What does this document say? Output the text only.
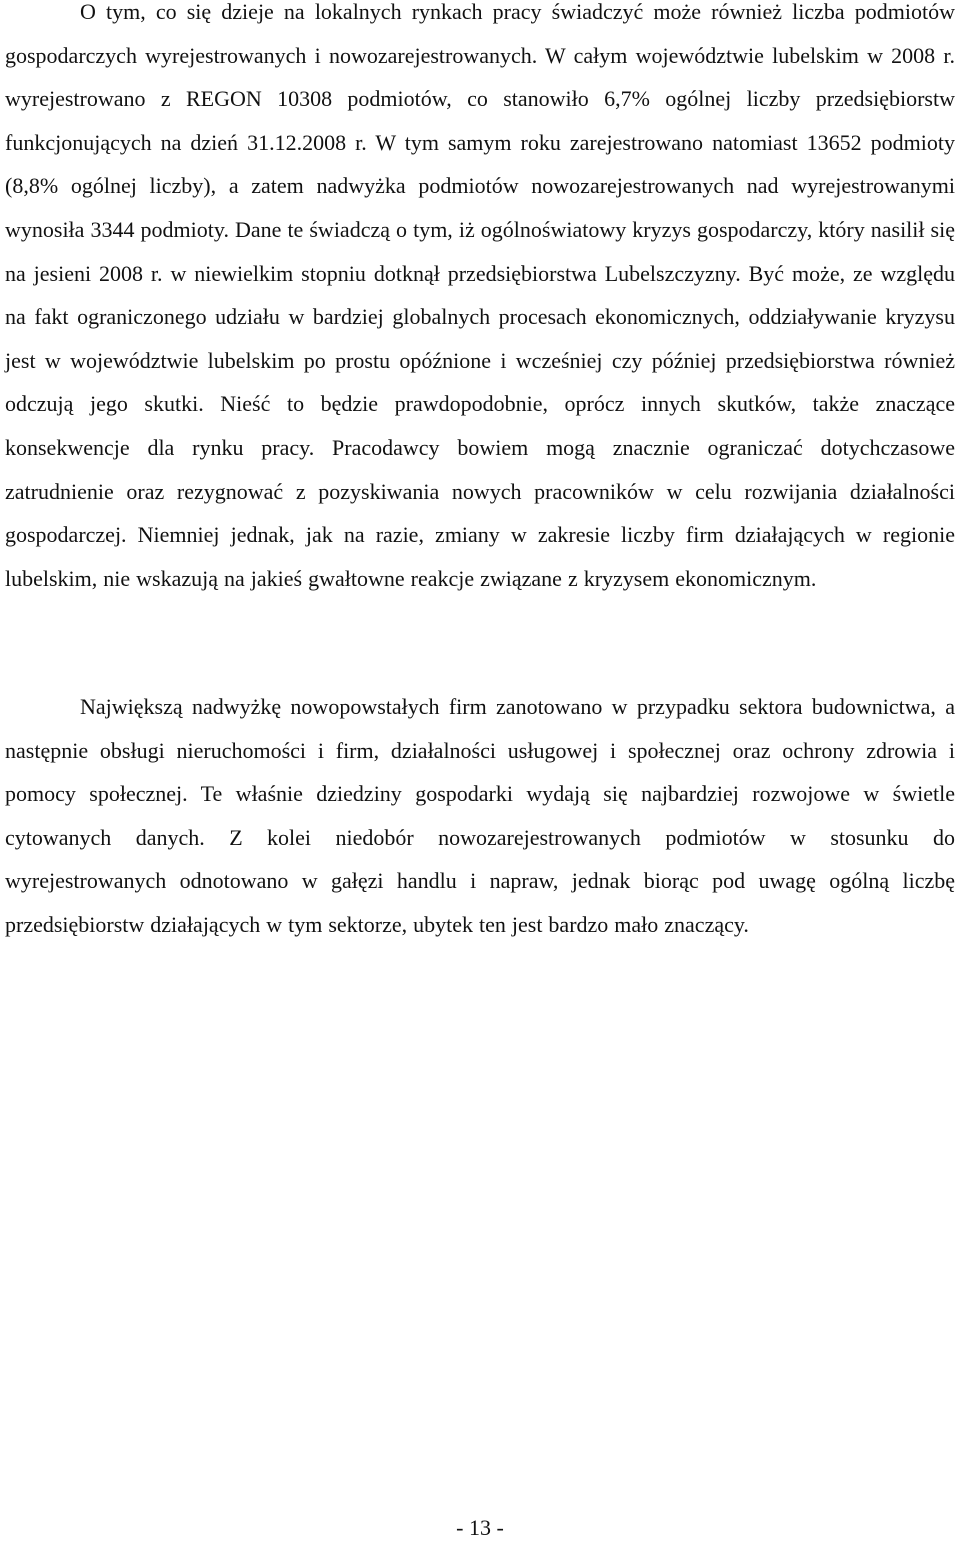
O tym, co się dzieje na lokalnych rynkach pracy świadczyć może również liczba podmiotów gospodarczych wyrejestrowanych i nowozarejestrowanych. W całym województwie lubelskim w 2008 r. wyrejestrowano z REGON 10308 podmiotów, co stanowiło 6,7% ogólnej liczby przedsiębiorstw funkcjonujących na dzień 31.12.2008 r. W tym samym roku zarejestrowano natomiast 13652 podmioty (8,8% ogólnej liczby), a zatem nadwyżka podmiotów nowozarejestrowanych nad wyrejestrowanymi wynosiła 3344 podmioty. Dane te świadczą o tym, iż ogólnoświatowy kryzys gospodarczy, który nasilił się na jesieni 2008 r. w niewielkim stopniu dotknął przedsiębiorstwa Lubelszczyzny. Być może, ze względu na fakt ograniczonego udziału w bardziej globalnych procesach ekonomicznych, oddziaływanie kryzysu jest w województwie lubelskim po prostu opóźnione i wcześniej czy później przedsiębiorstwa również odczują jego skutki. Nieść to będzie prawdopodobnie, oprócz innych skutków, także znaczące konsekwencje dla rynku pracy. Pracodawcy bowiem mogą znacznie ograniczać dotychczasowe zatrudnienie oraz rezygnować z pozyskiwania nowych pracowników w celu rozwijania działalności gospodarczej. Niemniej jednak, jak na razie, zmiany w zakresie liczby firm działających w regionie lubelskim, nie wskazują na jakieś gwałtowne reakcje związane z kryzysem ekonomicznym.

Największą nadwyżkę nowopowstałych firm zanotowano w przypadku sektora budownictwa, a następnie obsługi nieruchomości i firm, działalności usługowej i społecznej oraz ochrony zdrowia i pomocy społecznej. Te właśnie dziedziny gospodarki wydają się najbardziej rozwojowe w świetle cytowanych danych. Z kolei niedobór nowozarejestrowanych podmiotów w stosunku do wyrejestrowanych odnotowano w gałęzi handlu i napraw, jednak biorąc pod uwagę ogólną liczbę przedsiębiorstw działających w tym sektorze, ubytek ten jest bardzo mało znaczący.

- 13 -
